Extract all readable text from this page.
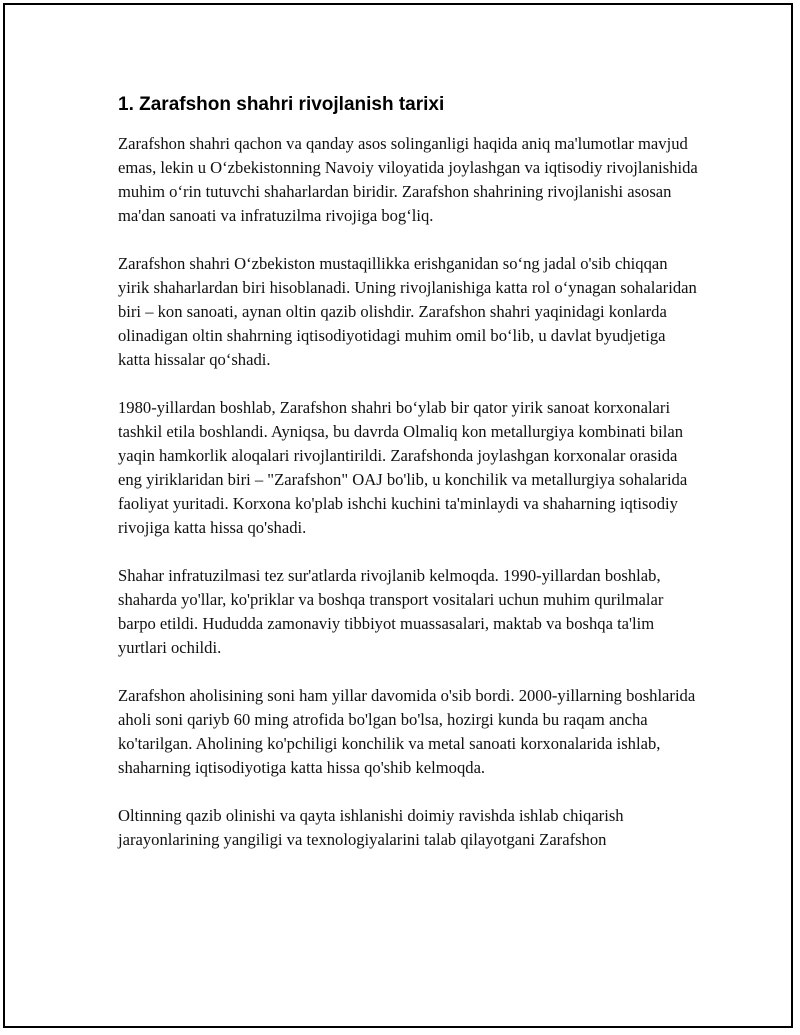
1. Zarafshon shahri rivojlanish tarixi

Zarafshon shahri qachon va qanday asos solinganligi haqida aniq ma'lumotlar mavjud emas, lekin u O‘zbekistonning Navoiy viloyatida joylashgan va iqtisodiy rivojlanishida muhim o‘rin tutuvchi shaharlardan biridir. Zarafshon shahrining rivojlanishi asosan ma'dan sanoati va infratuzilma rivojiga bog‘liq.

Zarafshon shahri O‘zbekiston mustaqillikka erishganidan so‘ng jadal o'sib chiqqan yirik shaharlardan biri hisoblanadi. Uning rivojlanishiga katta rol o‘ynagan sohalaridan biri – kon sanoati, aynan oltin qazib olishdir. Zarafshon shahri yaqinidagi konlarda olinadigan oltin shahrning iqtisodiyotidagi muhim omil bo‘lib, u davlat byudjetiga katta hissalar qo‘shadi.

1980-yillardan boshlab, Zarafshon shahri bo‘ylab bir qator yirik sanoat korxonalari tashkil etila boshlandi. Ayniqsa, bu davrda Olmaliq kon metallurgiya kombinati bilan yaqin hamkorlik aloqalari rivojlantirildi. Zarafshonda joylashgan korxonalar orasida eng yiriklaridan biri – "Zarafshon" OAJ bo'lib, u konchilik va metallurgiya sohalarida faoliyat yuritadi. Korxona ko'plab ishchi kuchini ta'minlaydi va shaharning iqtisodiy rivojiga katta hissa qo'shadi.

Shahar infratuzilmasi tez sur'atlarda rivojlanib kelmoqda. 1990-yillardan boshlab, shaharda yo'llar, ko'priklar va boshqa transport vositalari uchun muhim qurilmalar barpo etildi. Hududda zamonaviy tibbiyot muassasalari, maktab va boshqa ta'lim yurtlari ochildi.

Zarafshon aholisining soni ham yillar davomida o'sib bordi. 2000-yillarning boshlarida aholi soni qariyb 60 ming atrofida bo'lgan bo'lsa, hozirgi kunda bu raqam ancha ko'tarilgan. Aholining ko'pchiligi konchilik va metal sanoati korxonalarida ishlab, shaharning iqtisodiyotiga katta hissa qo'shib kelmoqda.

Oltinning qazib olinishi va qayta ishlanishi doimiy ravishda ishlab chiqarish jarayonlarining yangiligi va texnologiyalarini talab qilayotgani Zarafshon
